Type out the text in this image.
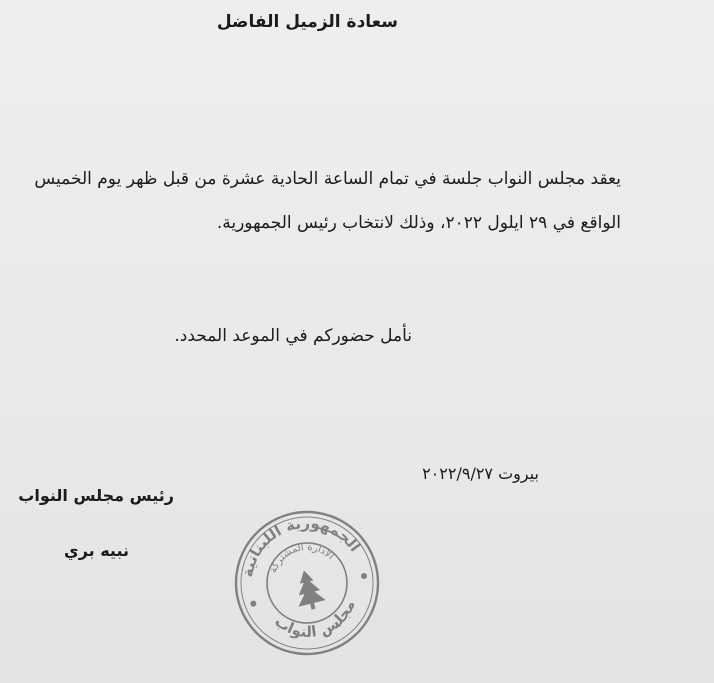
سعادة الزميل الفاضل
يعقد مجلس النواب جلسة في تمام الساعة الحادية عشرة من قبل ظهر يوم الخميس
الواقع في ٢٩ ايلول ٢٠٢٢، وذلك لانتخاب رئيس الجمهورية.
نأمل حضوركم في الموعد المحدد.
بيروت ٢٠٢٢/٩/٢٧
رئيس مجلس النواب
نبيه بري
الجمهورية اللبنانية
مجلس النواب
الادارة المشتركة
